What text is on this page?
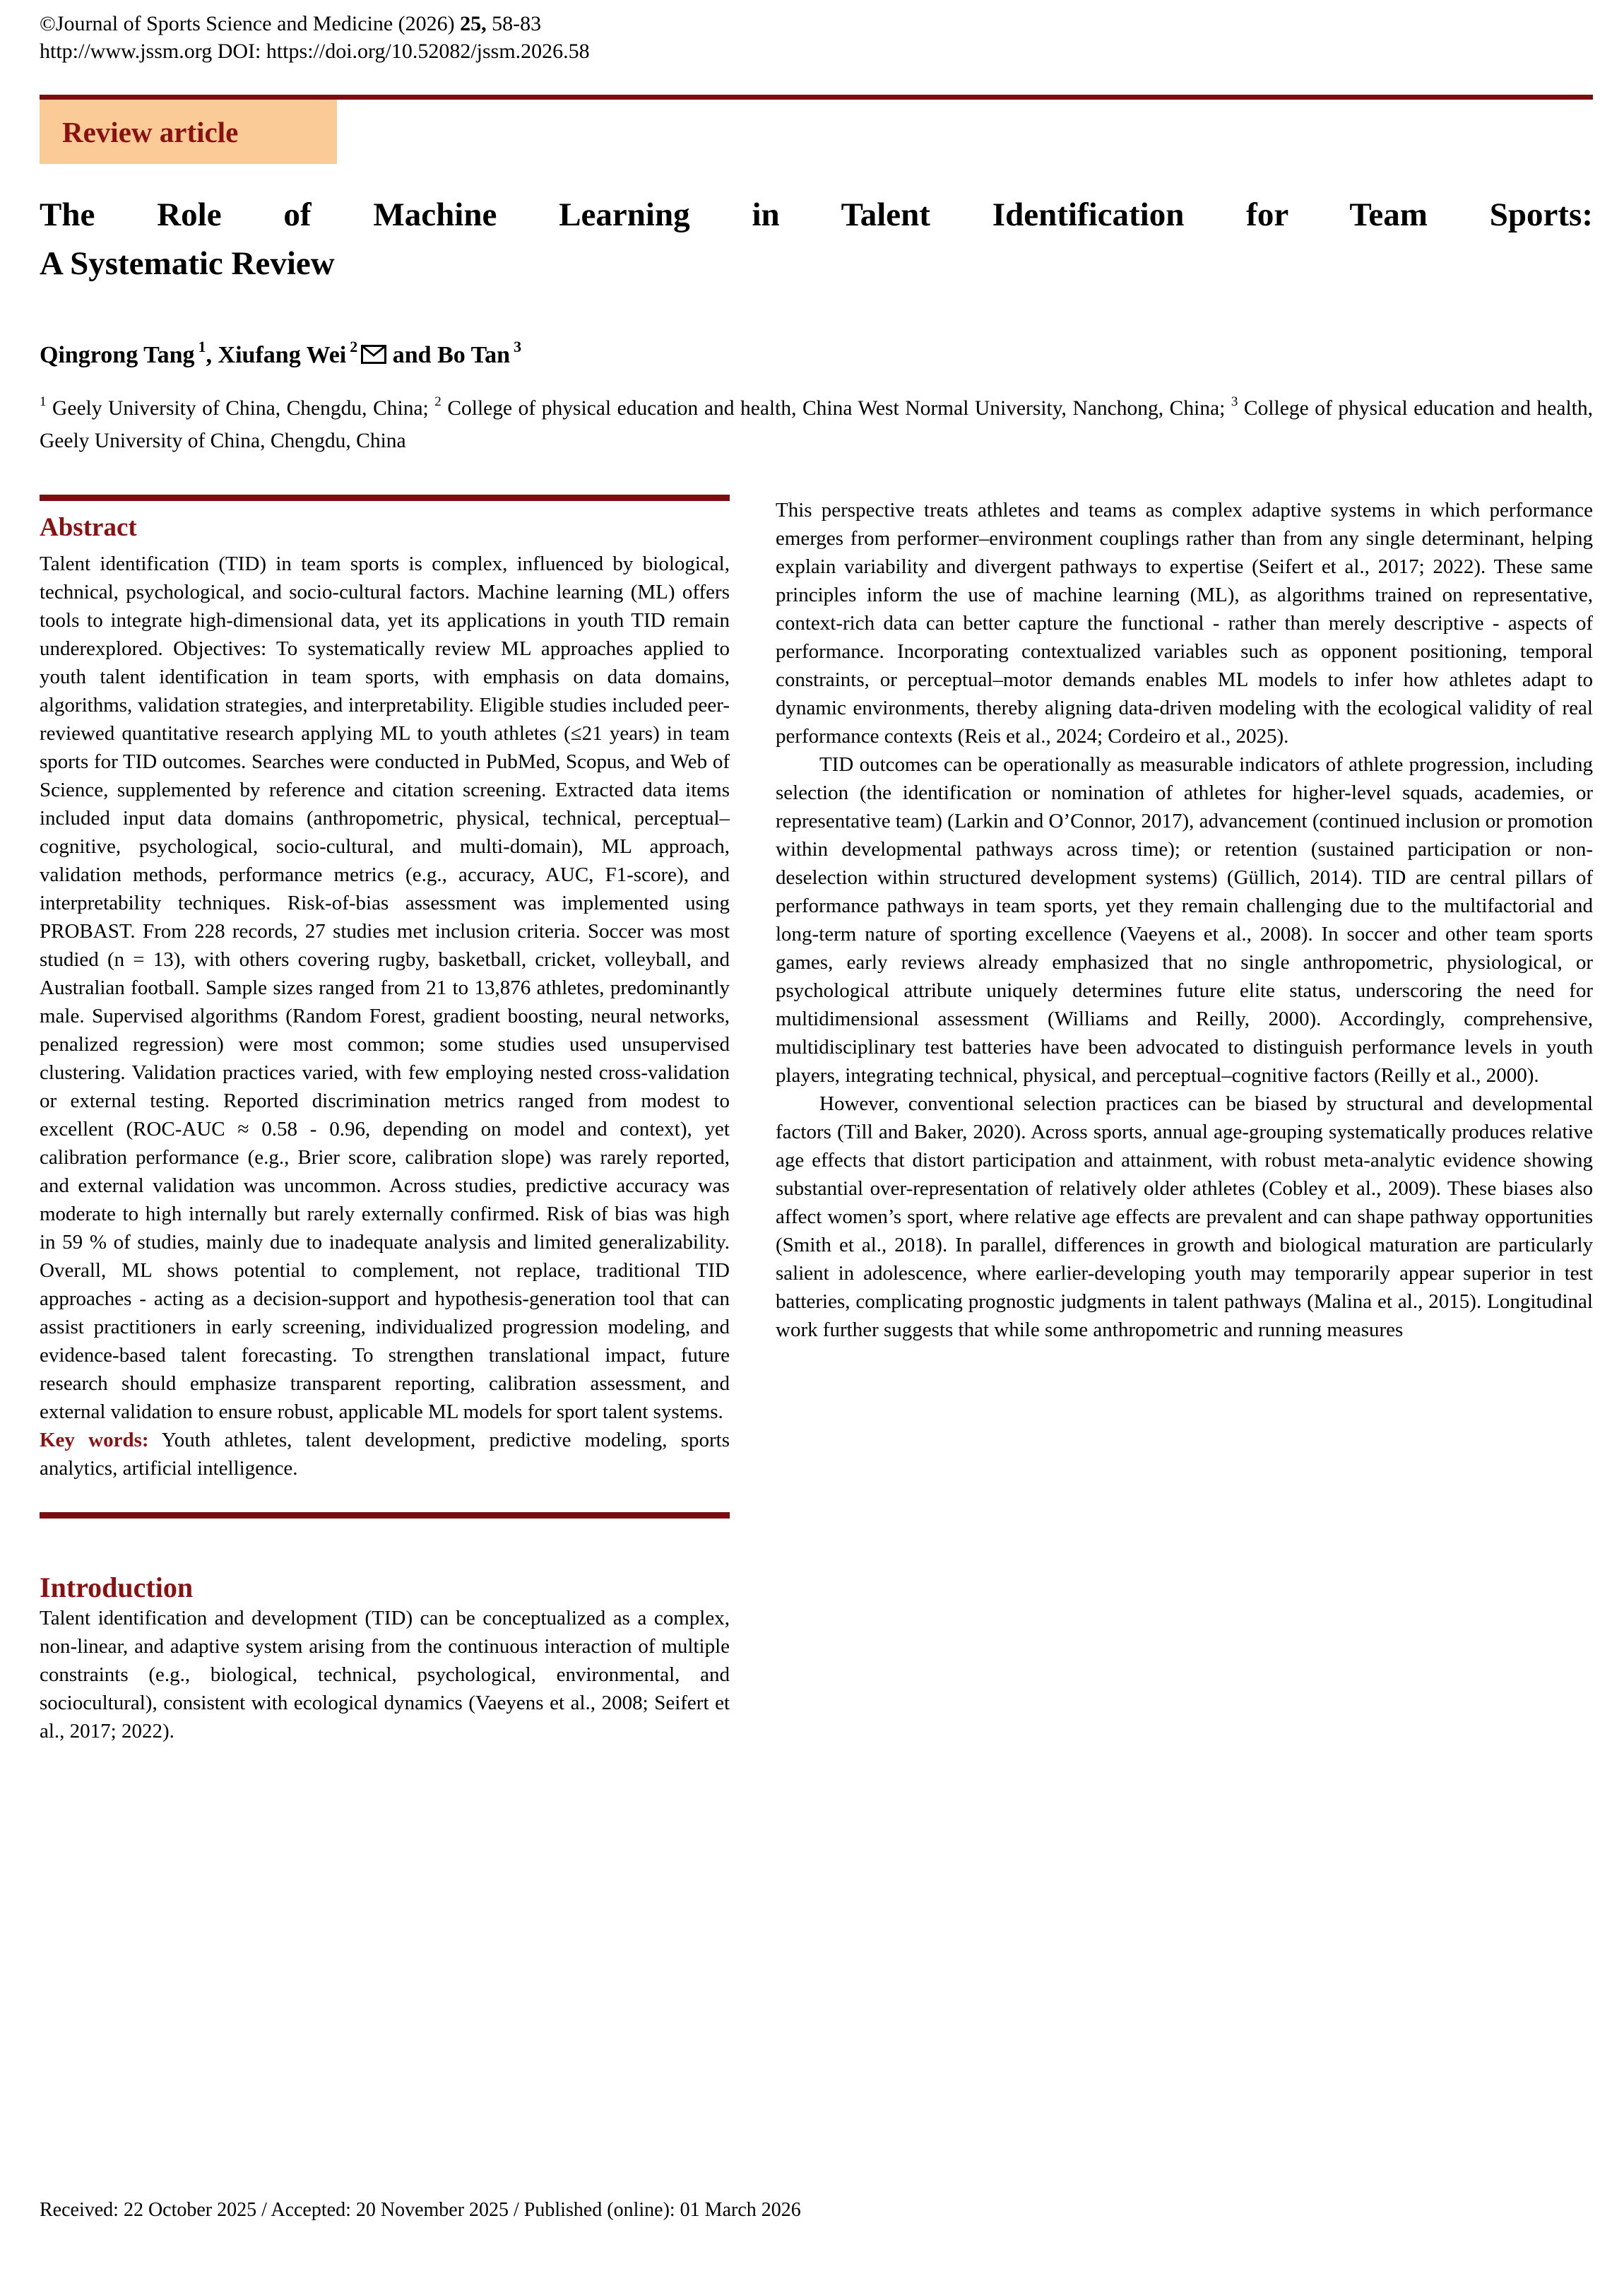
©Journal of Sports Science and Medicine (2026) 25, 58-83
http://www.jssm.org DOI: https://doi.org/10.52082/jssm.2026.58
Review article
The Role of Machine Learning in Talent Identification for Team Sports:
A Systematic Review
Qingrong Tang $^1$, Xiufang Wei $^2$ and Bo Tan $^3$
$^1$ Geely University of China, Chengdu, China; $^2$ College of physical education and health, China West Normal University, Nanchong, China; $^3$ College of physical education and health, Geely University of China, Chengdu, China
Abstract

Talent identification (TID) in team sports is complex, influenced by biological, technical, psychological, and socio-cultural factors. Machine learning (ML) offers tools to integrate high-dimensional data, yet its applications in youth TID remain underexplored. Objectives: To systematically review ML approaches applied to youth talent identification in team sports, with emphasis on data domains, algorithms, validation strategies, and interpretability. Eligible studies included peer-reviewed quantitative research applying ML to youth athletes (≤21 years) in team sports for TID outcomes. Searches were conducted in PubMed, Scopus, and Web of Science, supplemented by reference and citation screening. Extracted data items included input data domains (anthropometric, physical, technical, perceptual–cognitive, psychological, socio-cultural, and multi-domain), ML approach, validation methods, performance metrics (e.g., accuracy, AUC, F1-score), and interpretability techniques. Risk-of-bias assessment was implemented using PROBAST. From 228 records, 27 studies met inclusion criteria. Soccer was most studied (n = 13), with others covering rugby, basketball, cricket, volleyball, and Australian football. Sample sizes ranged from 21 to 13,876 athletes, predominantly male. Supervised algorithms (Random Forest, gradient boosting, neural networks, penalized regression) were most common; some studies used unsupervised clustering. Validation practices varied, with few employing nested cross-validation or external testing. Reported discrimination metrics ranged from modest to excellent (ROC-AUC ≈ 0.58 - 0.96, depending on model and context), yet calibration performance (e.g., Brier score, calibration slope) was rarely reported, and external validation was uncommon. Across studies, predictive accuracy was moderate to high internally but rarely externally confirmed. Risk of bias was high in 59 % of studies, mainly due to inadequate analysis and limited generalizability. Overall, ML shows potential to complement, not replace, traditional TID approaches - acting as a decision-support and hypothesis-generation tool that can assist practitioners in early screening, individualized progression modeling, and evidence-based talent forecasting. To strengthen translational impact, future research should emphasize transparent reporting, calibration assessment, and external validation to ensure robust, applicable ML models for sport talent systems.

Key words: Youth athletes, talent development, predictive modeling, sports analytics, artificial intelligence.

Introduction

Talent identification and development (TID) can be conceptualized as a complex, non-linear, and adaptive system arising from the continuous interaction of multiple constraints (e.g., biological, technical, psychological, environmental, and sociocultural), consistent with ecological dynamics (Vaeyens et al., 2008; Seifert et al., 2017; 2022).

This perspective treats athletes and teams as complex adaptive systems in which performance emerges from performer–environment couplings rather than from any single determinant, helping explain variability and divergent pathways to expertise (Seifert et al., 2017; 2022). These same principles inform the use of machine learning (ML), as algorithms trained on representative, context-rich data can better capture the functional - rather than merely descriptive - aspects of performance. Incorporating contextualized variables such as opponent positioning, temporal constraints, or perceptual–motor demands enables ML models to infer how athletes adapt to dynamic environments, thereby aligning data-driven modeling with the ecological validity of real performance contexts (Reis et al., 2024; Cordeiro et al., 2025).

TID outcomes can be operationally as measurable indicators of athlete progression, including selection (the identification or nomination of athletes for higher-level squads, academies, or representative team) (Larkin and O’Connor, 2017), advancement (continued inclusion or promotion within developmental pathways across time); or retention (sustained participation or non-deselection within structured development systems) (Güllich, 2014). TID are central pillars of performance pathways in team sports, yet they remain challenging due to the multifactorial and long-term nature of sporting excellence (Vaeyens et al., 2008). In soccer and other team sports games, early reviews already emphasized that no single anthropometric, physiological, or psychological attribute uniquely determines future elite status, underscoring the need for multidimensional assessment (Williams and Reilly, 2000). Accordingly, comprehensive, multidisciplinary test batteries have been advocated to distinguish performance levels in youth players, integrating technical, physical, and perceptual–cognitive factors (Reilly et al., 2000).

However, conventional selection practices can be biased by structural and developmental factors (Till and Baker, 2020). Across sports, annual age-grouping systematically produces relative age effects that distort participation and attainment, with robust meta-analytic evidence showing substantial over-representation of relatively older athletes (Cobley et al., 2009). These biases also affect women’s sport, where relative age effects are prevalent and can shape pathway opportunities (Smith et al., 2018). In parallel, differences in growth and biological maturation are particularly salient in adolescence, where earlier-developing youth may temporarily appear superior in test batteries, complicating prognostic judgments in talent pathways (Malina et al., 2015). Longitudinal work further suggests that while some anthropometric and running measures

Received: 22 October 2025 / Accepted: 20 November 2025 / Published (online): 01 March 2026
